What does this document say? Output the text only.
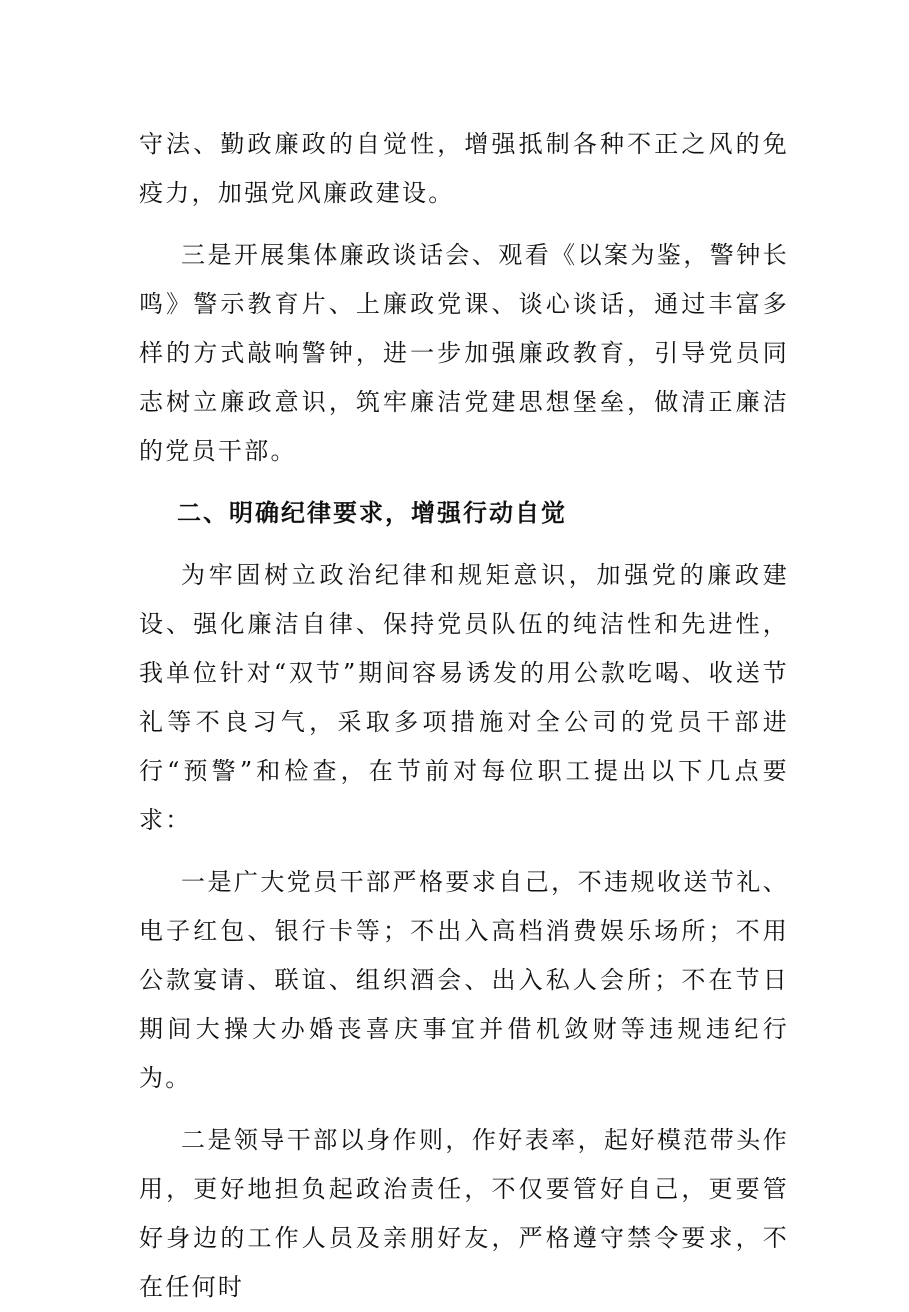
守法、勤政廉政的自觉性，增强抵制各种不正之风的免疫力，加强党风廉政建设。

三是开展集体廉政谈话会、观看《以案为鉴，警钟长鸣》警示教育片、上廉政党课、谈心谈话，通过丰富多样的方式敲响警钟，进一步加强廉政教育，引导党员同志树立廉政意识，筑牢廉洁党建思想堡垒，做清正廉洁的党员干部。

二、明确纪律要求，增强行动自觉

为牢固树立政治纪律和规矩意识，加强党的廉政建设、强化廉洁自律、保持党员队伍的纯洁性和先进性，我单位针对“双节”期间容易诱发的用公款吃喝、收送节礼等不良习气，采取多项措施对全公司的党员干部进行“预警”和检查，在节前对每位职工提出以下几点要求：

一是广大党员干部严格要求自己，不违规收送节礼、电子红包、银行卡等；不出入高档消费娱乐场所；不用公款宴请、联谊、组织酒会、出入私人会所；不在节日期间大操大办婚丧喜庆事宜并借机敛财等违规违纪行为。

二是领导干部以身作则，作好表率，起好模范带头作用，更好地担负起政治责任，不仅要管好自己，更要管好身边的工作人员及亲朋好友，严格遵守禁令要求，不在任何时
